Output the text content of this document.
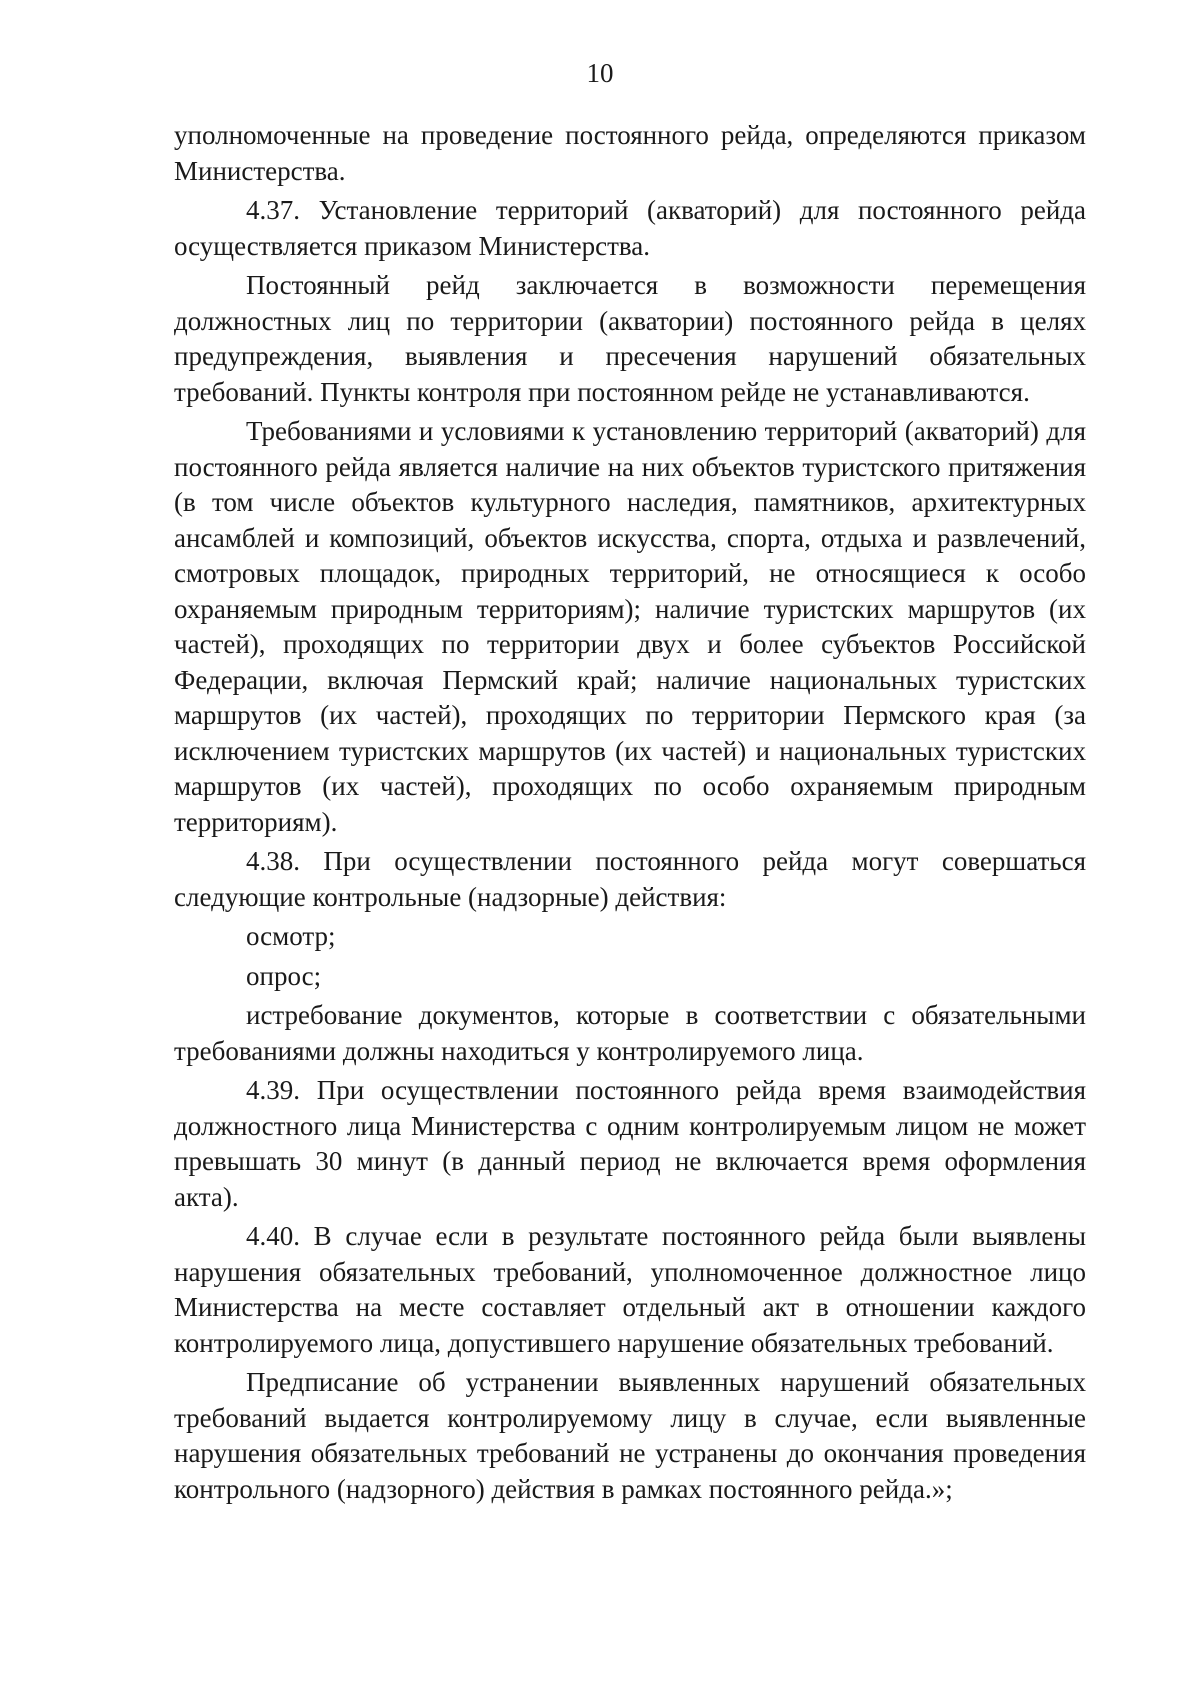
10

уполномоченные на проведение постоянного рейда, определяются приказом Министерства.

4.37. Установление территорий (акваторий) для постоянного рейда осуществляется приказом Министерства.

Постоянный рейд заключается в возможности перемещения должностных лиц по территории (акватории) постоянного рейда в целях предупреждения, выявления и пресечения нарушений обязательных требований. Пункты контроля при постоянном рейде не устанавливаются.

Требованиями и условиями к установлению территорий (акваторий) для постоянного рейда является наличие на них объектов туристского притяжения (в том числе объектов культурного наследия, памятников, архитектурных ансамблей и композиций, объектов искусства, спорта, отдыха и развлечений, смотровых площадок, природных территорий, не относящиеся к особо охраняемым природным территориям); наличие туристских маршрутов (их частей), проходящих по территории двух и более субъектов Российской Федерации, включая Пермский край; наличие национальных туристских маршрутов (их частей), проходящих по территории Пермского края (за исключением туристских маршрутов (их частей) и национальных туристских маршрутов (их частей), проходящих по особо охраняемым природным территориям).

4.38. При осуществлении постоянного рейда могут совершаться следующие контрольные (надзорные) действия:

осмотр;

опрос;

истребование документов, которые в соответствии с обязательными требованиями должны находиться у контролируемого лица.

4.39. При осуществлении постоянного рейда время взаимодействия должностного лица Министерства с одним контролируемым лицом не может превышать 30 минут (в данный период не включается время оформления акта).

4.40. В случае если в результате постоянного рейда были выявлены нарушения обязательных требований, уполномоченное должностное лицо Министерства на месте составляет отдельный акт в отношении каждого контролируемого лица, допустившего нарушение обязательных требований.

Предписание об устранении выявленных нарушений обязательных требований выдается контролируемому лицу в случае, если выявленные нарушения обязательных требований не устранены до окончания проведения контрольного (надзорного) действия в рамках постоянного рейда.»;
